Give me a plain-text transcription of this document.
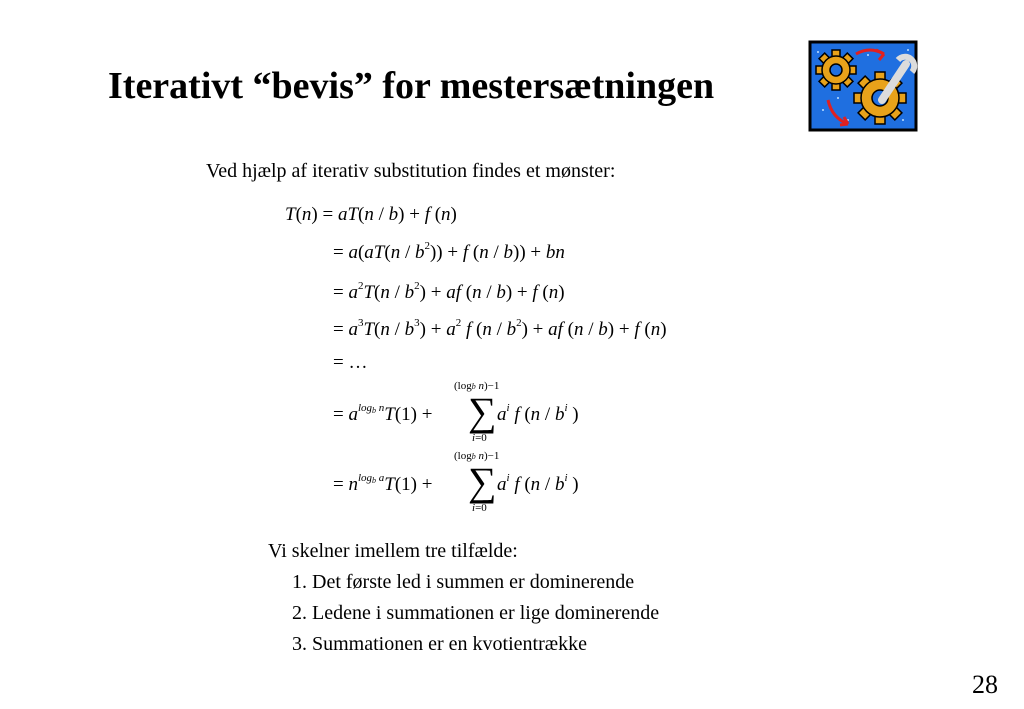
Iterativt “bevis” for mestersætningen
Ved hjælp af iterativ substitution findes et mønster:
T(n) = aT(n / b) + f (n)
= $a(aT(n / b^2)) + f$ (n / b)) + bn
= $a^2T(n / b^2)$ + af (n / b) + f (n)
= $a^3T(n / b^3) + a^2$ f $(n / b^2)$ + af (n / b) + f (n)
= …
= $a^{logb n}T(1)$ +
(logb n)−1
∑
i=0
$a^i$ f ($n / b^i$ )
= $n^{logb a}T(1)$ +
(logb n)−1
∑
i=0
$a^i$ f ($n / b^i$ )
Vi skelner imellem tre tilfælde:
1. Det første led i summen er dominerende
2. Ledene i summationen er lige dominerende
3. Summationen er en kvotientrække
28
